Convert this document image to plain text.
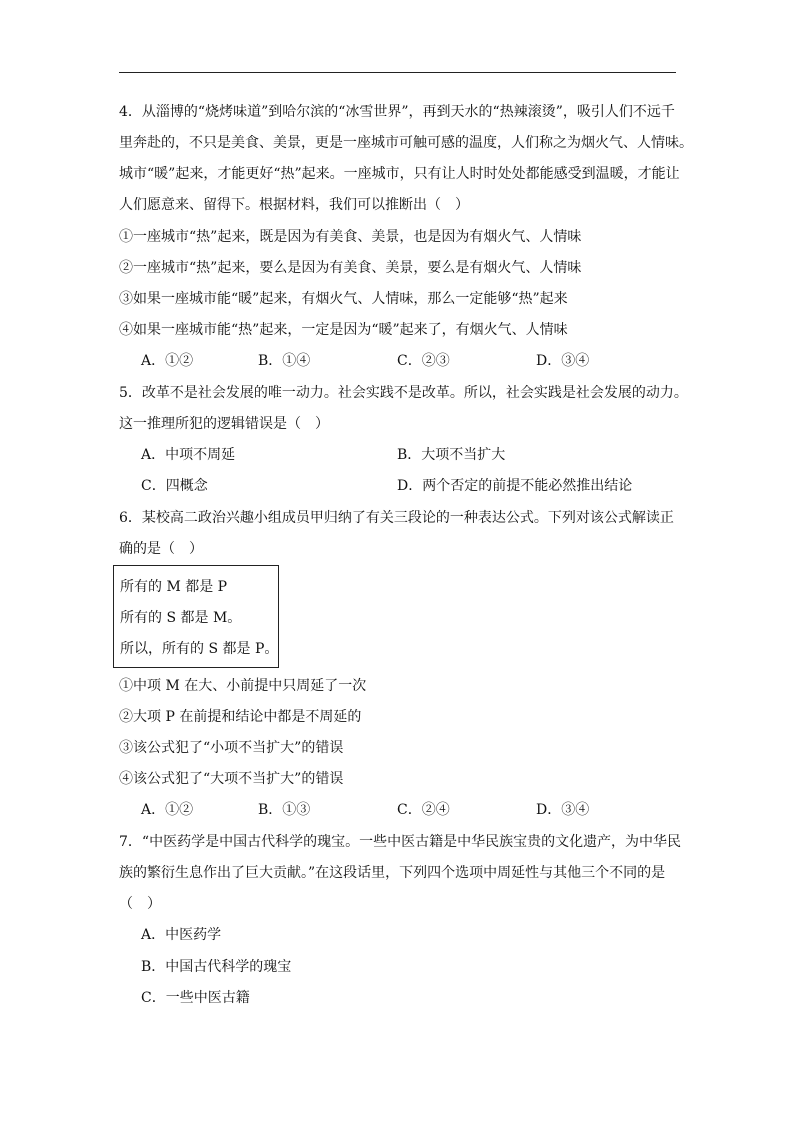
4．从淄博的“烧烤味道”到哈尔滨的“冰雪世界”，再到天水的“热辣滚烫”，吸引人们不远千
里奔赴的，不只是美食、美景，更是一座城市可触可感的温度，人们称之为烟火气、人情味。
城市“暖”起来，才能更好“热”起来。一座城市，只有让人时时处处都能感受到温暖，才能让
人们愿意来、留得下。根据材料，我们可以推断出（　）
①一座城市“热”起来，既是因为有美食、美景，也是因为有烟火气、人情味
②一座城市“热”起来，要么是因为有美食、美景，要么是有烟火气、人情味
③如果一座城市能“暖”起来，有烟火气、人情味，那么一定能够“热”起来
④如果一座城市能“热”起来，一定是因为“暖”起来了，有烟火气、人情味
A．①②	B．①④	C．②③	D．③④
5．改革不是社会发展的唯一动力。社会实践不是改革。所以，社会实践是社会发展的动力。
这一推理所犯的逻辑错误是（　）
A．中项不周延	B．大项不当扩大
C．四概念	D．两个否定的前提不能必然推出结论
6．某校高二政治兴趣小组成员甲归纳了有关三段论的一种表达公式。下列对该公式解读正
确的是（　）
所有的 M 都是 P
所有的 S 都是 M。
所以，所有的 S 都是 P。
①中项 M 在大、小前提中只周延了一次
②大项 P 在前提和结论中都是不周延的
③该公式犯了“小项不当扩大”的错误
④该公式犯了“大项不当扩大”的错误
A．①②	B．①③	C．②④	D．③④
7．“中医药学是中国古代科学的瑰宝。一些中医古籍是中华民族宝贵的文化遗产，为中华民
族的繁衍生息作出了巨大贡献。”在这段话里，下列四个选项中周延性与其他三个不同的是
（　）
A．中医药学
B．中国古代科学的瑰宝
C．一些中医古籍
